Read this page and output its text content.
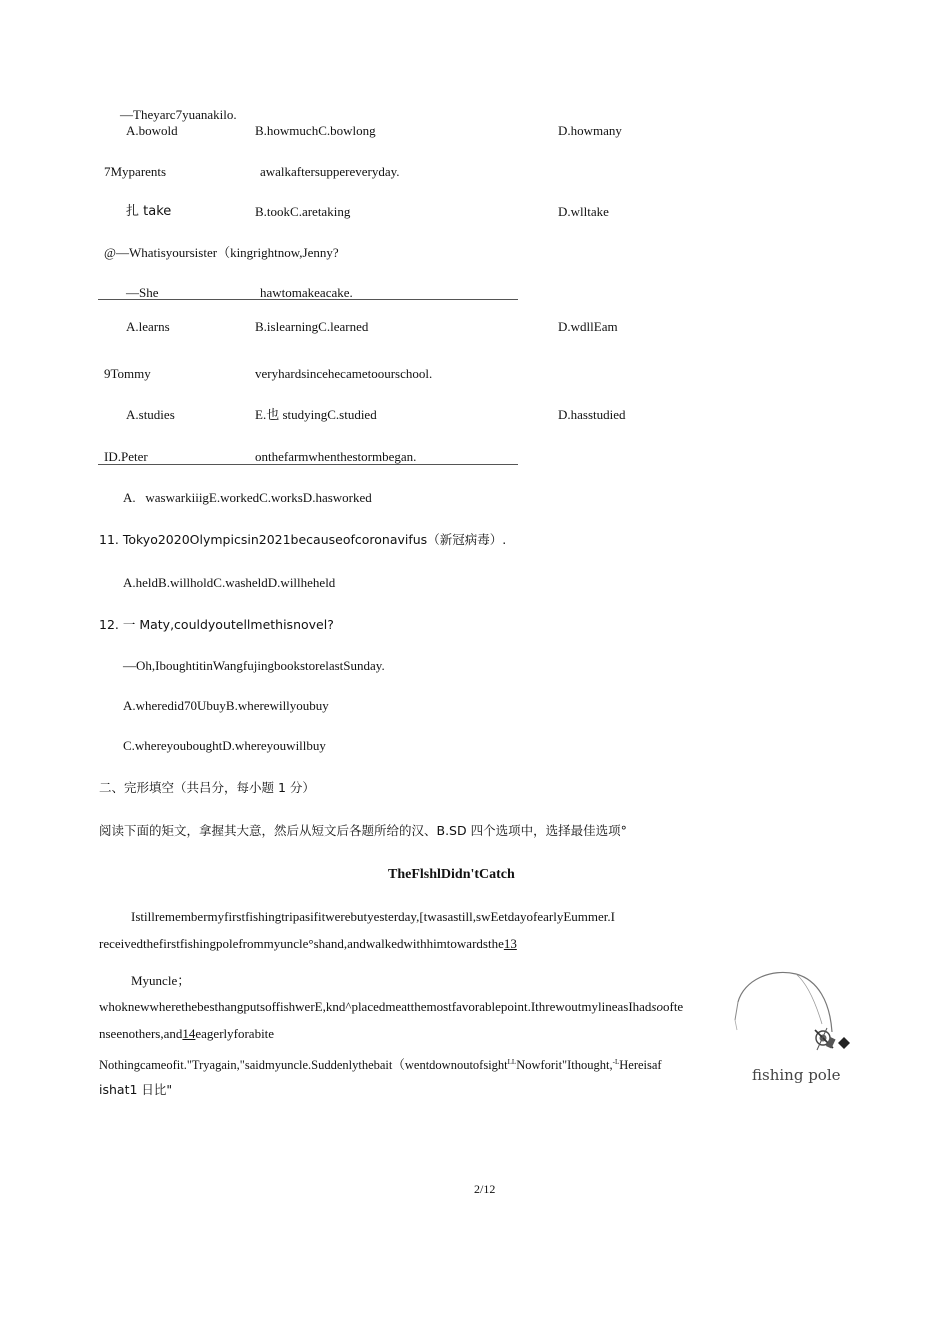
—Theyarc7yuanakilo.
A.bowold	B.howmuchC.bowlong	D.howmany
7Myparents	awalkaftersuppereveryday.
扎 take	B.tookC.aretaking	D.wlltake
@—Whatisyoursister（kingrightnow,Jenny?
—She	hawtomakeacake.
A.learns	B.islearningC.learned	D.wdllEam
9Tommy	veryhardsincehecametoourschool.
A.studies	E.也 studyingC.studied	D.hasstudied
ID.Peter	onthefarmwhenthestormbegan.
A.   waswarkiiigE.workedC.worksD.hasworked
11. Tokyo2020Olympicsin2021becauseofcoronavifus（新冠病毒）.
A.heldB.willholdC.washeldD.willheheld
12. 一 Maty,couldyoutellmethisnovel?
—Oh,IboughtitinWangfujingbookstorelastSunday.
A.wheredid70UbuyB.wherewillyoubuy
C.whereyouboughtD.whereyouwillbuy
二、完形填空（共吕分，每小题 1 分）
阅读下面的矩文，拿握其大意，然后从短文后各题所给的汉、B.SD 四个选项中，选择最佳选项°
TheFlshlDidn'tCatch
Istillremembermyfirstfishingtripasifitwerebutyesterday,[twasastill,swEetdayofearlyEummer.I
receivedthefirstfishingpolefrommyuncle°shand,andwalkedwithhimtowardsthe13
Myuncle；
whoknewwherethebesthangputsoffishwerE,knd^placedmeatthemostfavorablepoint.IthrewoutmylineasIhadsoofte
nseenothers,and14eagerlyforabite
Nothingcameofit."Tryagain,"saidmyuncle.Suddenlythebait（wentdownoutofsight$^{LL}$Nowforit"Ithought,$^{-L}$Hereisaf
ishat1 日比"
fishing pole
2/12
